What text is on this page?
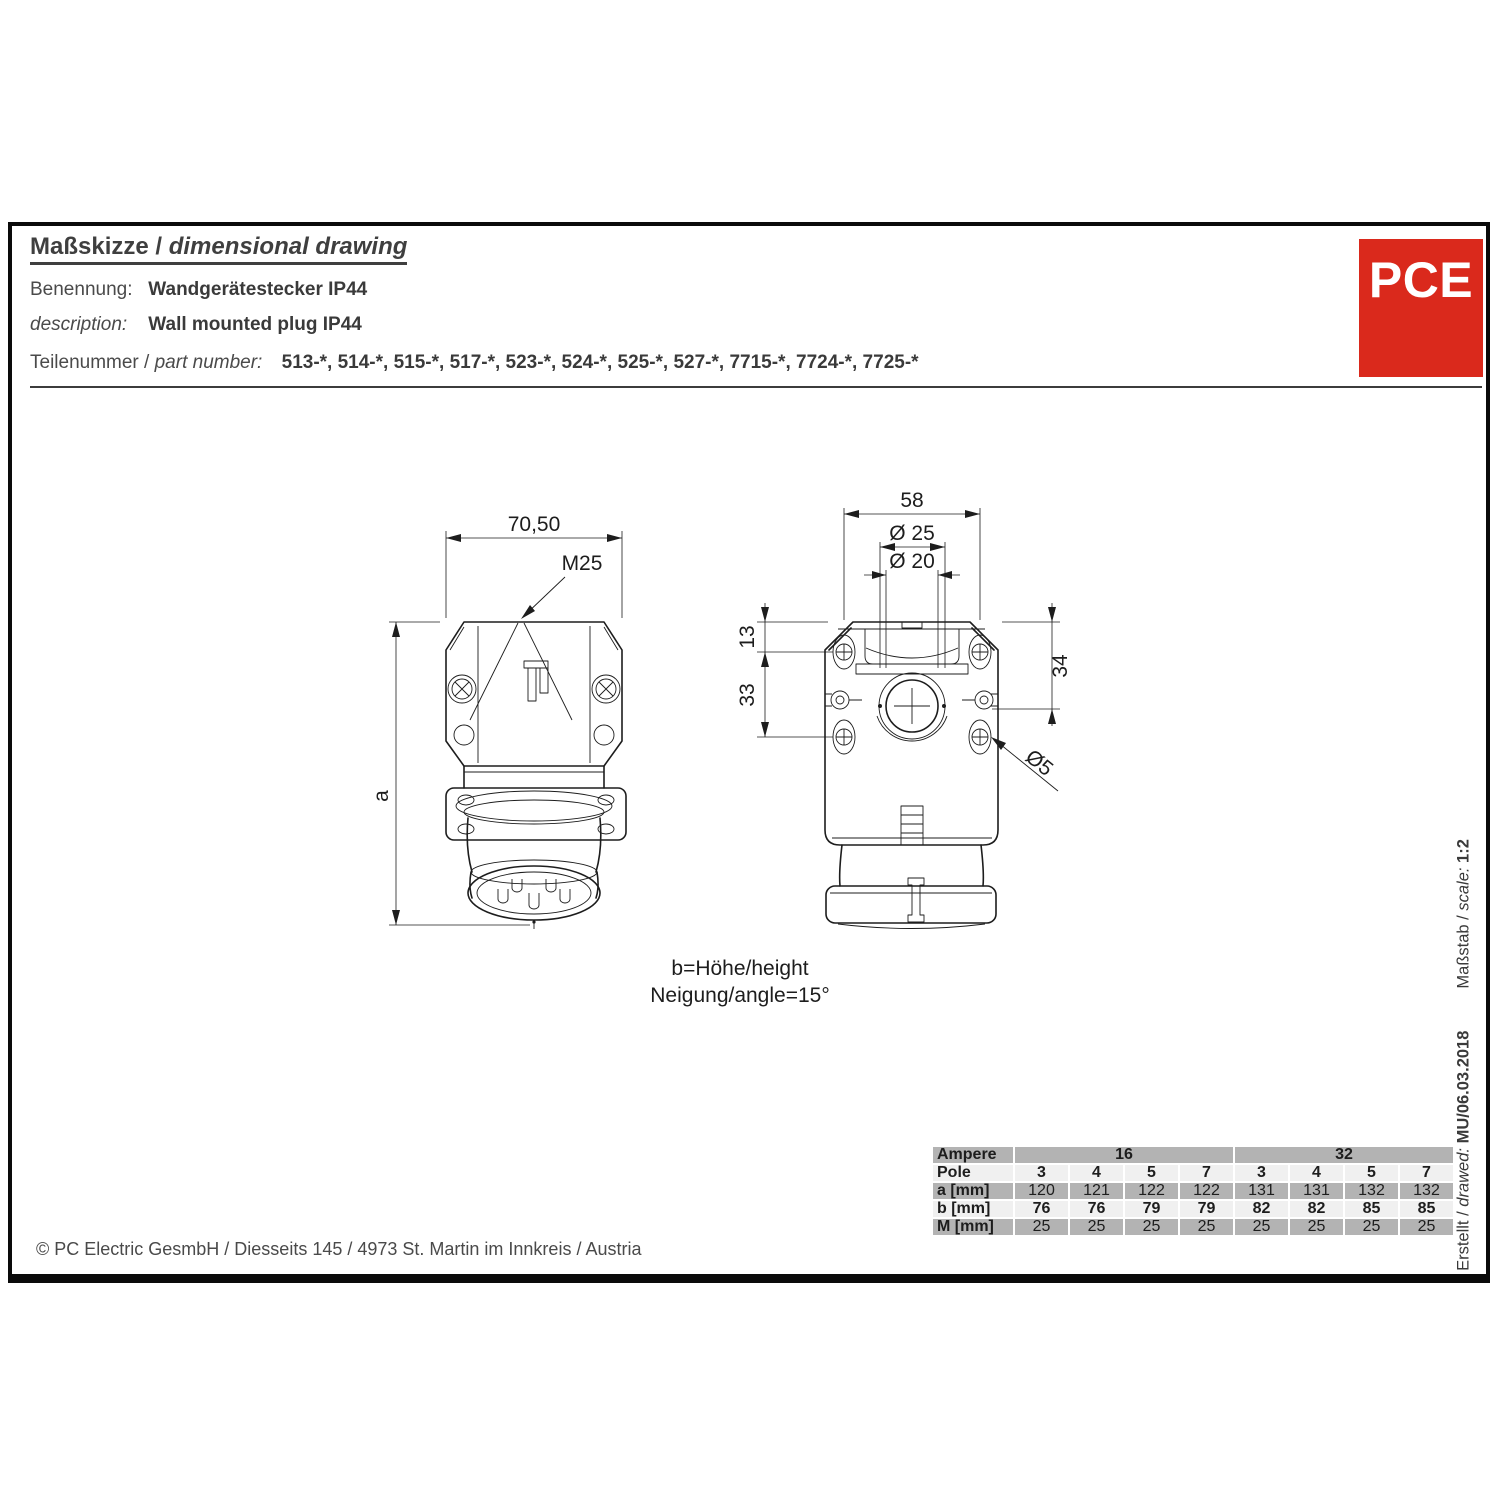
Maßskizze / dimensional drawing
Benennung: Wandgerätestecker IP44
description: Wall mounted plug IP44
Teilenummer / part number: 513-*, 514-*, 515-*, 517-*, 523-*, 524-*, 525-*, 527-*, 7715-*, 7724-*, 7725-*
PCE
70,50
M25
a
58
Ø 25
Ø 20
13
33
34
Ø5
b=Höhe/height
Neigung/angle=15°
Ampere	16				32			
Pole	3	4	5	7	3	4	5	7
a [mm]	120	121	122	122	131	131	132	132
b [mm]	76	76	79	79	82	82	85	85
M [mm]	25	25	25	25	25	25	25	25
© PC Electric GesmbH / Diesseits 145 / 4973 St. Martin im Innkreis / Austria	Erstellt / drawed: MU/06.03.2018Maßstab / scale: 1:2
